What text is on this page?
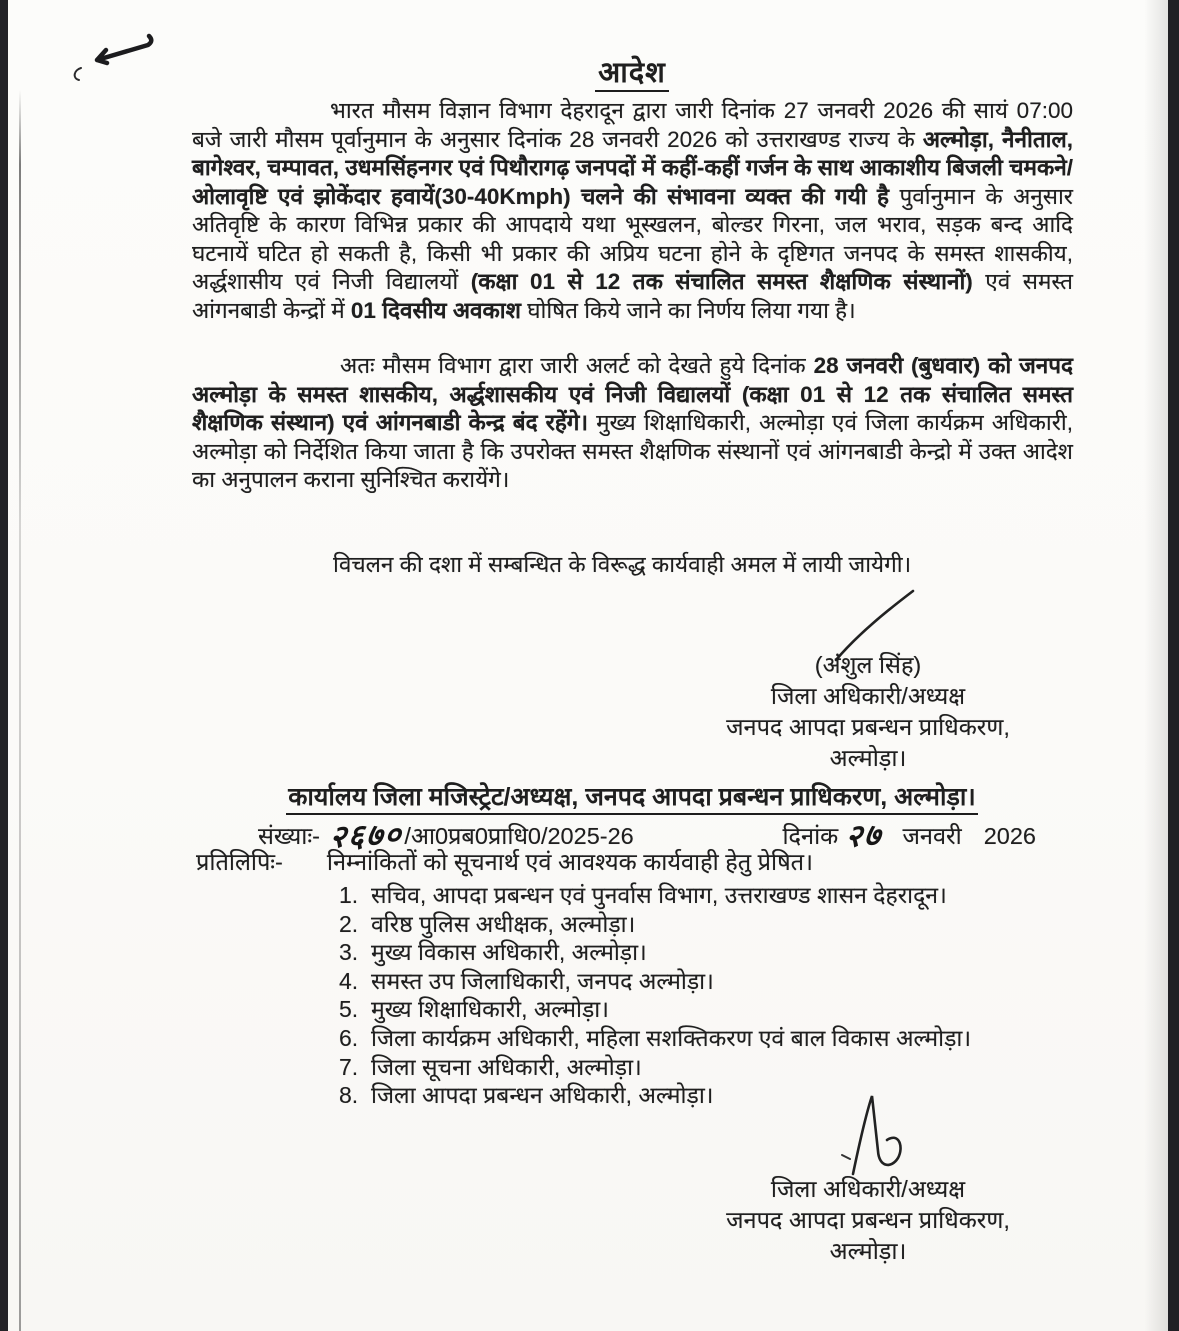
आदेश

भारत मौसम विज्ञान विभाग देहरादून द्वारा जारी दिनांक 27 जनवरी 2026 की सायं 07:00 बजे जारी मौसम पूर्वानुमान के अनुसार दिनांक 28 जनवरी 2026 को उत्तराखण्ड राज्य के अल्मोड़ा, नैनीताल, बागेश्वर, चम्पावत, उधमसिंहनगर एवं पिथौरागढ़ जनपदों में कहीं-कहीं गर्जन के साथ आकाशीय बिजली चमकने/ओलावृष्टि एवं झोकेंदार हवायें(30-40Kmph) चलने की संभावना व्यक्त की गयी है पुर्वानुमान के अनुसार अतिवृष्टि के कारण विभिन्न प्रकार की आपदाये यथा भूस्खलन, बोल्डर गिरना, जल भराव, सड़क बन्द आदि घटनायें घटित हो सकती है, किसी भी प्रकार की अप्रिय घटना होने के दृष्टिगत जनपद के समस्त शासकीय, अर्द्धशासीय एवं निजी विद्यालयों (कक्षा 01 से 12 तक संचालित समस्त शैक्षणिक संस्थानों) एवं समस्त आंगनबाडी केन्द्रों में 01 दिवसीय अवकाश घोषित किये जाने का निर्णय लिया गया है।

अतः मौसम विभाग द्वारा जारी अलर्ट को देखते हुये दिनांक 28 जनवरी (बुधवार) को जनपद अल्मोड़ा के समस्त शासकीय, अर्द्धशासकीय एवं निजी विद्यालयों (कक्षा 01 से 12 तक संचालित समस्त शैक्षणिक संस्थान) एवं आंगनबाडी केन्द्र बंद रहेंगे। मुख्य शिक्षाधिकारी, अल्मोड़ा एवं जिला कार्यक्रम अधिकारी, अल्मोड़ा को निर्देशित किया जाता है कि उपरोक्त समस्त शैक्षणिक संस्थानों एवं आंगनबाडी केन्द्रो में उक्त आदेश का अनुपालन कराना सुनिश्चित करायेंगे।

विचलन की दशा में सम्बन्धित के विरूद्ध कार्यवाही अमल में लायी जायेगी।

(अंशुल सिंह)
जिला अधिकारी/अध्यक्ष
जनपद आपदा प्रबन्धन प्राधिकरण,
अल्मोड़ा।
कार्यालय जिला मजिस्ट्रेट/अध्यक्ष, जनपद आपदा प्रबन्धन प्राधिकरण, अल्मोड़ा।
संख्याः- २६७० /आ0प्रब0प्राधि0/2025-26	दिनांक २७ जनवरी 2026
प्रतिलिपिः- निम्नांकितों को सूचनार्थ एवं आवश्यक कार्यवाही हेतु प्रेषित।
1. सचिव, आपदा प्रबन्धन एवं पुनर्वास विभाग, उत्तराखण्ड शासन देहरादून।
2. वरिष्ठ पुलिस अधीक्षक, अल्मोड़ा।
3. मुख्य विकास अधिकारी, अल्मोड़ा।
4. समस्त उप जिलाधिकारी, जनपद अल्मोड़ा।
5. मुख्य शिक्षाधिकारी, अल्मोड़ा।
6. जिला कार्यक्रम अधिकारी, महिला सशक्तिकरण एवं बाल विकास अल्मोड़ा।
7. जिला सूचना अधिकारी, अल्मोड़ा।
8. जिला आपदा प्रबन्धन अधिकारी, अल्मोड़ा।
जिला अधिकारी/अध्यक्ष
जनपद आपदा प्रबन्धन प्राधिकरण,
अल्मोड़ा।
